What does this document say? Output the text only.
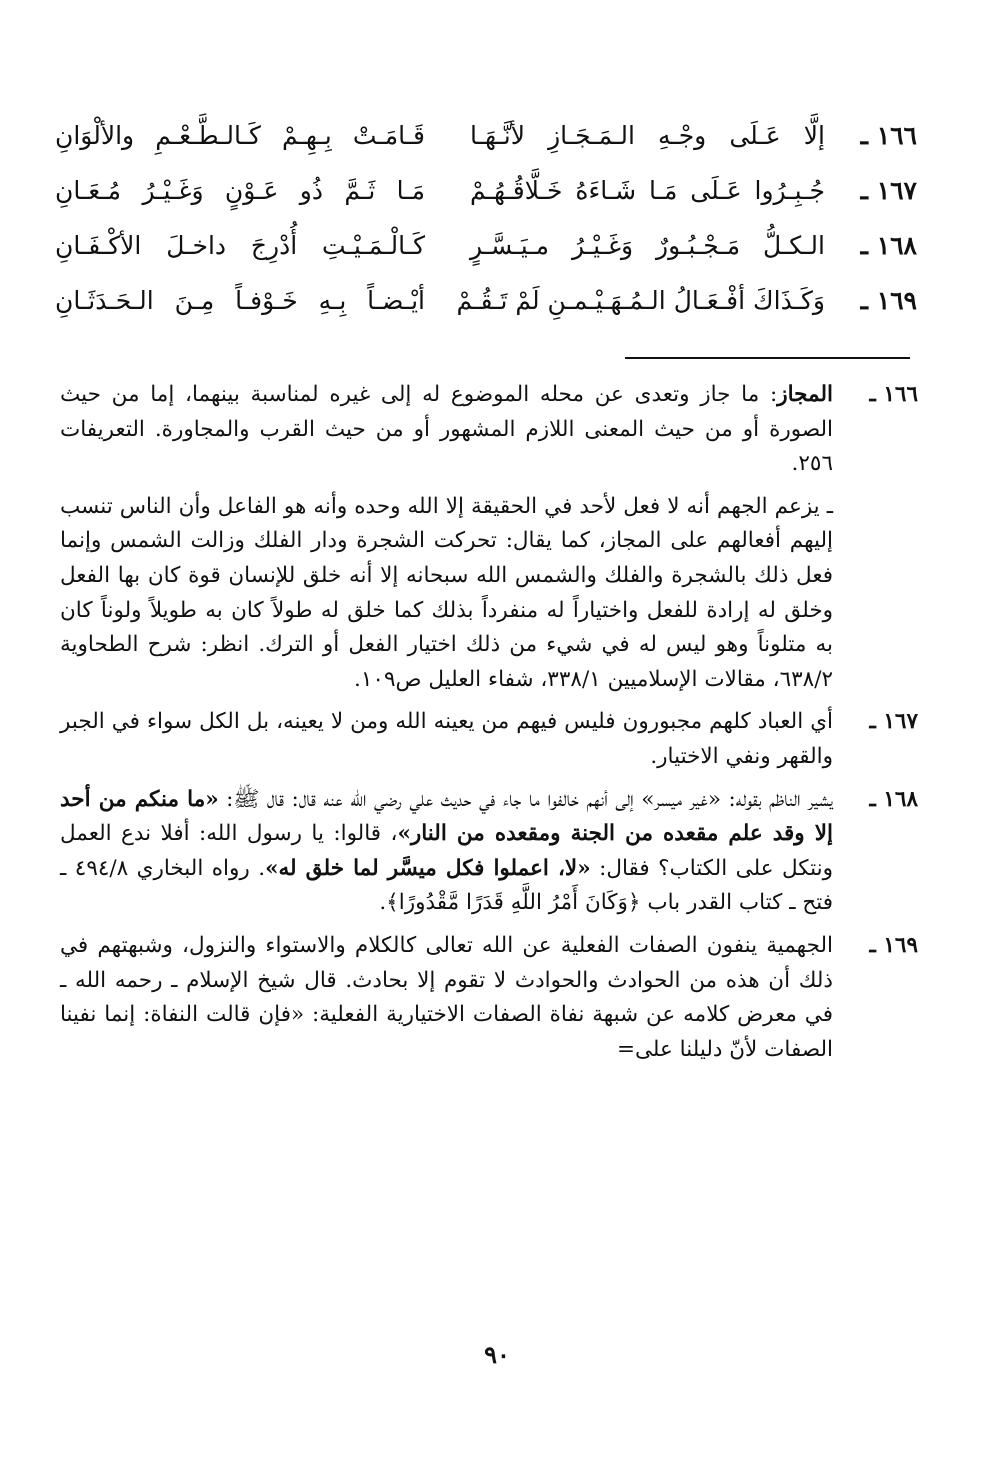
١٦٦ ـ
إلَّا عَـلَى وجْـهِ الـمَـجَـازِ لأنَّـهَـا
قَـامَـتْ بِـهِـمْ كَـالـطَّـعْـمِ والألْوَانِ
١٦٧ ـ
جُـبِـرُوا عَـلَى مَـا شَـاءَهُ خَـلَّاقُـهُـمْ
مَـا ثَـمَّ ذُو عَـوْنٍ وَغَـيْـرُ مُـعَـانِ
١٦٨ ـ
الـكـلُّ مَـجْـبُـورٌ وَغَـيْـرُ مـيَـسَّـرٍ
كَـالْـمَـيْـتِ أُدْرِجَ داخـلَ الأكْـفَـانِ
١٦٩ ـ
وَكَـذَاكَ أفْـعَـالُ الـمُـهَـيْـمـنِ لَمْ تَـقُـمْ
أيْـضـاً بِـهِ خَـوْفـاً مِـنَ الـحَـدَثَـانِ
١٦٦ ـ

المجاز: ما جاز وتعدى عن محله الموضوع له إلى غيره لمناسبة بينهما، إما من حيث الصورة أو من حيث المعنى اللازم المشهور أو من حيث القرب والمجاورة. التعريفات ٢٥٦.

ـ يزعم الجهم أنه لا فعل لأحد في الحقيقة إلا الله وحده وأنه هو الفاعل وأن الناس تنسب إليهم أفعالهم على المجاز، كما يقال: تحركت الشجرة ودار الفلك وزالت الشمس وإنما فعل ذلك بالشجرة والفلك والشمس الله سبحانه إلا أنه خلق للإنسان قوة كان بها الفعل وخلق له إرادة للفعل واختياراً له منفرداً بذلك كما خلق له طولاً كان به طويلاً ولوناً كان به متلوناً وهو ليس له في شيء من ذلك اختيار الفعل أو الترك. انظر: شرح الطحاوية ٦٣٨/٢، مقالات الإسلاميين ٣٣٨/١، شفاء العليل ص١٠٩.

١٦٧ ـ

أي العباد كلهم مجبورون فليس فيهم من يعينه الله ومن لا يعينه، بل الكل سواء في الجبر والقهر ونفي الاختيار.

١٦٨ ـ

يشير الناظم بقوله: «غير ميسر» إلى أنهم خالفوا ما جاء في حديث علي رضي الله عنه قال: قال ﷺ: «ما منكم من أحد إلا وقد علم مقعده من الجنة ومقعده من النار»، قالوا: يا رسول الله: أفلا ندع العمل ونتكل على الكتاب؟ فقال: «لا، اعملوا فكل ميسَّر لما خلق له». رواه البخاري ٤٩٤/٨ ـ فتح ـ كتاب القدر باب ﴿وَكَانَ أَمْرُ اللَّهِ قَدَرًا مَّقْدُورًا﴾.

١٦٩ ـ

الجهمية ينفون الصفات الفعلية عن الله تعالى كالكلام والاستواء والنزول، وشبهتهم في ذلك أن هذه من الحوادث والحوادث لا تقوم إلا بحادث. قال شيخ الإسلام ـ رحمه الله ـ في معرض كلامه عن شبهة نفاة الصفات الاختيارية الفعلية: «فإن قالت النفاة: إنما نفينا الصفات لأنّ دليلنا على=

٩٠
